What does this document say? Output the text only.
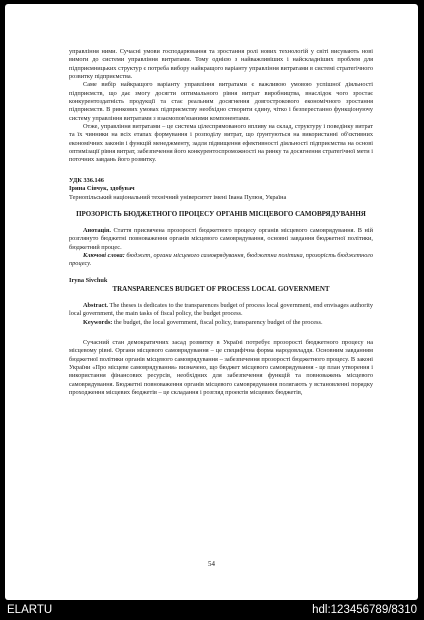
управління ними. Сучасні умови господарювання та зростання ролі нових технологій у світі висувають нові вимоги до системи управління витратами. Тому однією з найважливіших і найскладніших проблем для підприємницьких структур є потреба вибору найкращого варіанту управління витратами в системі стратегічного розвитку підприємства.

Саме вибір найкращого варіанту управління витратами є важливою умовою успішної діяльності підприємств, що дає змогу досягти оптимального рівня витрат виробництва, внаслідок чого зростає конкурентоздатність продукції та стає реальним досягнення довгострокового економічного зростання підприємств. В ринкових умовах підприємству необхідно створити єдину, чітко і безперестанно функціонуючу систему управління витратами з взаємопов'язаними компонентами.

Отже, управління витратами – це система цілеспрямованого впливу на склад, структуру і поведінку витрат та їх чинники на всіх етапах формування і розподілу витрат, що ґрунтуються на використанні об'єктивних економічних законів і функцій менеджменту, задля підвищення ефективності діяльності підприємства на основі оптимізації рівня витрат, забезпечення його конкурентоспроможності на ринку та досягнення стратегічної мети і поточних завдань його розвитку.

УДК 336.146

Ірина Сівчук, здобувач

Тернопільський національний технічний університет імені Івана Пулюя, Україна

ПРОЗОРІСТЬ БЮДЖЕТНОГО ПРОЦЕСУ ОРГАНІВ МІСЦЕВОГО САМОВРЯДУВАННЯ

Анотація. Стаття присвячена прозорості бюджетного процесу органів місцевого самоврядування. В ній розглянуто бюджетні повноваження органів місцевого самоврядування, основні завдання бюджетної політики, бюджетний процес.

Ключові слова: бюджет, органи місцевого самоврядування, бюджетна політика, прозорість бюджетного процесу.

Iryna Sivchuk

TRANSPARENCES BUDGET OF PROCESS LOCAL GOVERNMENT

Abstract. The theses is dedicates to the transparences budget of process local government, end envisages authority local government, the main tasks of fiscal policy, the budget process.

Keywords: the budget, the local government, fiscal policy, transparency budget of the process.

Сучасний стан демократичних засад розвитку в Україні потребує прозорості бюджетного процесу на місцевому рівні. Органи місцевого самоврядування – це специфічна форма народовладдя. Основним завданням бюджетної політики органів місцевого самоврядування – забезпечення прозорості бюджетного процесу. В законі України «Про місцеве самоврядування» визначено, що бюджет місцевого самоврядування - це план утворення і використання фінансових ресурсів, необхідних для забезпечення функцій та повноважень місцевого самоврядування. Бюджетні повноваження органів місцевого самоврядування полягають у встановленні порядку проходження місцевих бюджетів – це складання і розгляд проектів місцевих бюджетів,

54
ELARTU	hdl:123456789/8310
